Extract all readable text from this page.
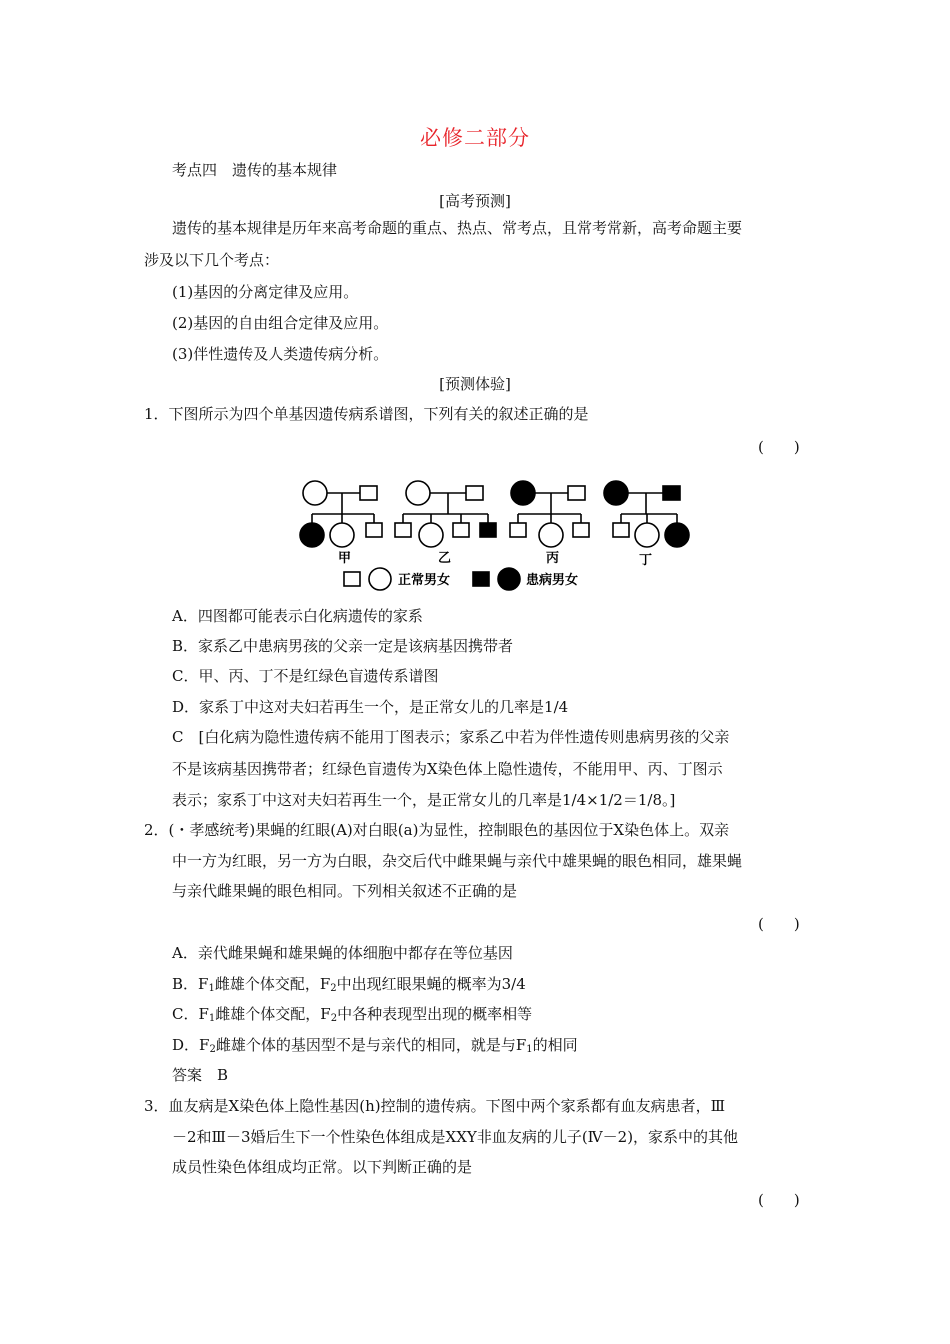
必修二部分
考点四　遗传的基本规律
[高考预测]
遗传的基本规律是历年来高考命题的重点、热点、常考点，且常考常新，高考命题主要
涉及以下几个考点：
(1)基因的分离定律及应用。
(2)基因的自由组合定律及应用。
(3)伴性遗传及人类遗传病分析。
[预测体验]
1．下图所示为四个单基因遗传病系谱图，下列有关的叙述正确的是
(　　)
甲	乙	丙	丁
正常男女	患病男女
A．四图都可能表示白化病遗传的家系
B．家系乙中患病男孩的父亲一定是该病基因携带者
C．甲、丙、丁不是红绿色盲遗传系谱图
D．家系丁中这对夫妇若再生一个，是正常女儿的几率是1/4
C　[白化病为隐性遗传病不能用丁图表示；家系乙中若为伴性遗传则患病男孩的父亲
不是该病基因携带者；红绿色盲遗传为X染色体上隐性遗传，不能用甲、丙、丁图示
表示；家系丁中这对夫妇若再生一个，是正常女儿的几率是1/4×1/2＝1/8。]
2．(・孝感统考)果蝇的红眼(A)对白眼(a)为显性，控制眼色的基因位于X染色体上。双亲
中一方为红眼，另一方为白眼，杂交后代中雌果蝇与亲代中雄果蝇的眼色相同，雄果蝇
与亲代雌果蝇的眼色相同。下列相关叙述不正确的是
(　　)
A．亲代雌果蝇和雄果蝇的体细胞中都存在等位基因
B．$F_1$雌雄个体交配，$F_2$中出现红眼果蝇的概率为3/4
C．$F_1$雌雄个体交配，$F_2$中各种表现型出现的概率相等
D．$F_2$雌雄个体的基因型不是与亲代的相同，就是与$F_1$的相同
答案　B
3．血友病是X染色体上隐性基因(h)控制的遗传病。下图中两个家系都有血友病患者，Ⅲ
－2和Ⅲ－3婚后生下一个性染色体组成是XXY非血友病的儿子(Ⅳ－2)，家系中的其他
成员性染色体组成均正常。以下判断正确的是
(　　)
